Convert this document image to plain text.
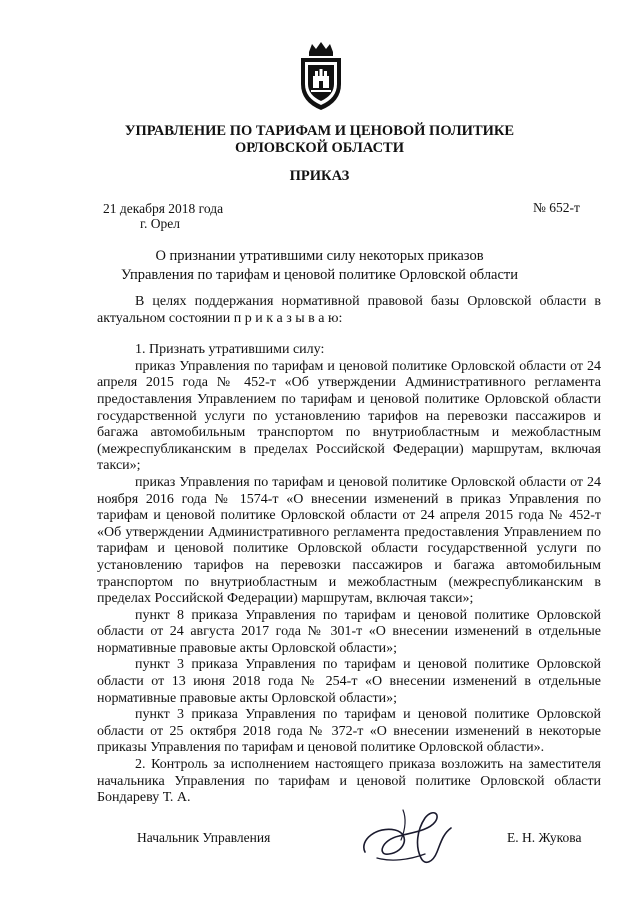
УПРАВЛЕНИЕ ПО ТАРИФАМ И ЦЕНОВОЙ ПОЛИТИКЕ
ОРЛОВСКОЙ ОБЛАСТИ
ПРИКАЗ
21 декабря 2018 года
г. Орел
№ 652-т
О признании утратившими силу некоторых приказов
Управления по тарифам и ценовой политике Орловской области

В целях поддержания нормативной правовой базы Орловской области в актуальном состоянии п р и к а з ы в а ю:

1. Признать утратившими силу:

приказ Управления по тарифам и ценовой политике Орловской области от 24 апреля 2015 года № 452-т «Об утверждении Административного регламента предоставления Управлением по тарифам и ценовой политике Орловской области государственной услуги по установлению тарифов на перевозки пассажиров и багажа автомобильным транспортом по внутриобластным и межобластным (межреспубликанским в пределах Российской Федерации) маршрутам, включая такси»;

приказ Управления по тарифам и ценовой политике Орловской области от 24 ноября 2016 года № 1574-т «О внесении изменений в приказ Управления по тарифам и ценовой политике Орловской области от 24 апреля 2015 года № 452-т «Об утверждении Административного регламента предоставления Управлением по тарифам и ценовой политике Орловской области государственной услуги по установлению тарифов на перевозки пассажиров и багажа автомобильным транспортом по внутриобластным и межобластным (межреспубликанским в пределах Российской Федерации) маршрутам, включая такси»;

пункт 8 приказа Управления по тарифам и ценовой политике Орловской области от 24 августа 2017 года № 301-т «О внесении изменений в отдельные нормативные правовые акты Орловской области»;

пункт 3 приказа Управления по тарифам и ценовой политике Орловской области от 13 июня 2018 года № 254-т «О внесении изменений в отдельные нормативные правовые акты Орловской области»;

пункт 3 приказа Управления по тарифам и ценовой политике Орловской области от 25 октября 2018 года № 372-т «О внесении изменений в некоторые приказы Управления по тарифам и ценовой политике Орловской области».

2. Контроль за исполнением настоящего приказа возложить на заместителя начальника Управления по тарифам и ценовой политике Орловской области Бондареву Т. А.

Начальник Управления	Е. Н. Жукова
